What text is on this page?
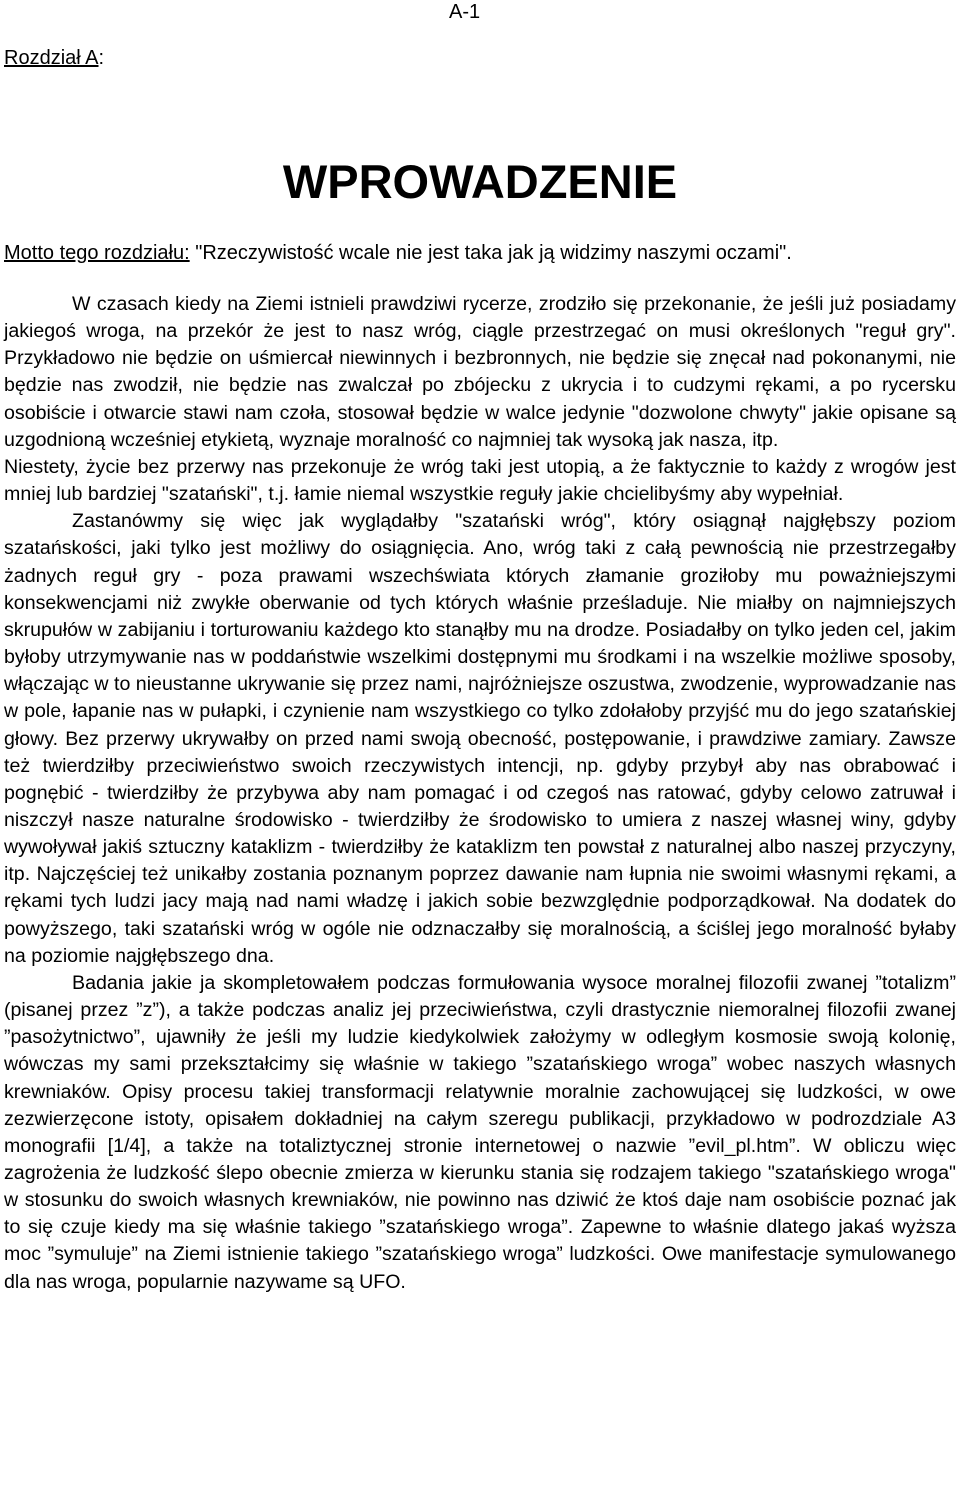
A-1
Rozdział A:
WPROWADZENIE
Motto tego rozdziału: "Rzeczywistość wcale nie jest taka jak ją widzimy naszymi oczami".

W czasach kiedy na Ziemi istnieli prawdziwi rycerze, zrodziło się przekonanie, że jeśli już posiadamy jakiegoś wroga, na przekór że jest to nasz wróg, ciągle przestrzegać on musi określonych "reguł gry". Przykładowo nie będzie on uśmiercał niewinnych i bezbronnych, nie będzie się znęcał nad pokonanymi, nie będzie nas zwodził, nie będzie nas zwalczał po zbójecku z ukrycia i to cudzymi rękami, a po rycersku osobiście i otwarcie stawi nam czoła, stosował będzie w walce jedynie "dozwolone chwyty" jakie opisane są uzgodnioną wcześniej etykietą, wyznaje moralność co najmniej tak wysoką jak nasza, itp.

Niestety, życie bez przerwy nas przekonuje że wróg taki jest utopią, a że faktycznie to każdy z wrogów jest mniej lub bardziej "szatański", t.j. łamie niemal wszystkie reguły jakie chcielibyśmy aby wypełniał.

Zastanówmy się więc jak wyglądałby "szatański wróg", który osiągnął najgłębszy poziom szatańskości, jaki tylko jest możliwy do osiągnięcia. Ano, wróg taki z całą pewnością nie przestrzegałby żadnych reguł gry - poza prawami wszechświata których złamanie groziłoby mu poważniejszymi konsekwencjami niż zwykłe oberwanie od tych których właśnie prześladuje. Nie miałby on najmniejszych skrupułów w zabijaniu i torturowaniu każdego kto stanąłby mu na drodze. Posiadałby on tylko jeden cel, jakim byłoby utrzymywanie nas w poddaństwie wszelkimi dostępnymi mu środkami i na wszelkie możliwe sposoby, włączając w to nieustanne ukrywanie się przez nami, najróżniejsze oszustwa, zwodzenie, wyprowadzanie nas w pole, łapanie nas w pułapki, i czynienie nam wszystkiego co tylko zdołałoby przyjść mu do jego szatańskiej głowy. Bez przerwy ukrywałby on przed nami swoją obecność, postępowanie, i prawdziwe zamiary. Zawsze też twierdziłby przeciwieństwo swoich rzeczywistych intencji, np. gdyby przybył aby nas obrabować i pognębić - twierdziłby że przybywa aby nam pomagać i od czegoś nas ratować, gdyby celowo zatruwał i niszczył nasze naturalne środowisko - twierdziłby że środowisko to umiera z naszej własnej winy, gdyby wywoływał jakiś sztuczny kataklizm - twierdziłby że kataklizm ten powstał z naturalnej albo naszej przyczyny, itp. Najczęściej też unikałby zostania poznanym poprzez dawanie nam łupnia nie swoimi własnymi rękami, a rękami tych ludzi jacy mają nad nami władzę i jakich sobie bezwzględnie podporządkował. Na dodatek do powyższego, taki szatański wróg w ogóle nie odznaczałby się moralnością, a ściślej jego moralność byłaby na poziomie najgłębszego dna.

Badania jakie ja skompletowałem podczas formułowania wysoce moralnej filozofii zwanej ”totalizm” (pisanej przez ”z”), a także podczas analiz jej przeciwieństwa, czyli drastycznie niemoralnej filozofii zwanej ”pasożytnictwo”, ujawniły że jeśli my ludzie kiedykolwiek założymy w odległym kosmosie swoją kolonię, wówczas my sami przekształcimy się właśnie w takiego ”szatańskiego wroga” wobec naszych własnych krewniaków. Opisy procesu takiej transformacji relatywnie moralnie zachowującej się ludzkości, w owe zezwierzęcone istoty, opisałem dokładniej na całym szeregu publikacji, przykładowo w podrozdziale A3 monografii [1/4], a także na totaliztycznej stronie internetowej o nazwie ”evil_pl.htm”. W obliczu więc zagrożenia że ludzkość ślepo obecnie zmierza w kierunku stania się rodzajem takiego "szatańskiego wroga" w stosunku do swoich własnych krewniaków, nie powinno nas dziwić że ktoś daje nam osobiście poznać jak to się czuje kiedy ma się właśnie takiego ”szatańskiego wroga”. Zapewne to właśnie dlatego jakaś wyższa moc ”symuluje” na Ziemi istnienie takiego ”szatańskiego wroga” ludzkości. Owe manifestacje symulowanego dla nas wroga, popularnie nazywame są UFO.
